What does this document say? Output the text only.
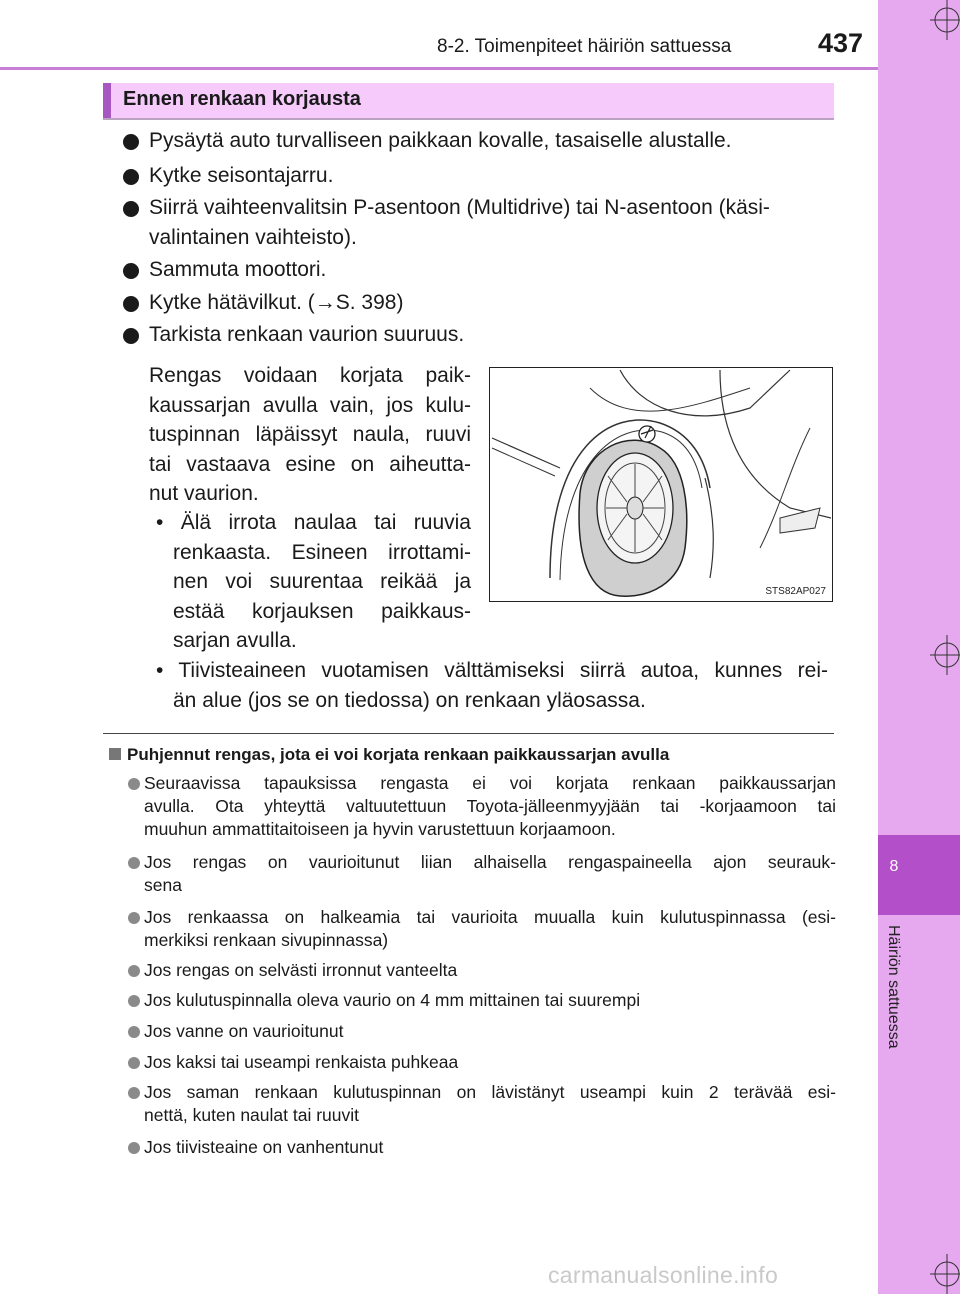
8-2. Toimenpiteet häiriön sattuessa	437
8
Häiriön sattuessa
Ennen renkaan korjausta
Pysäytä auto turvalliseen paikkaan kovalle, tasaiselle alustalle.
Kytke seisontajarru.
Siirrä vaihteenvalitsin P-asentoon (Multidrive) tai N-asentoon (käsi-
valintainen vaihteisto).
Sammuta moottori.
Kytke hätävilkut. (→S. 398)
Tarkista renkaan vaurion suuruus.
Rengas voidaan korjata paik-
kaussarjan avulla vain, jos kulu-
tuspinnan läpäissyt naula, ruuvi
tai vastaava esine on aiheutta-
nut vaurion.
• Älä irrota naulaa tai ruuvia
renkaasta. Esineen irrottami-
nen voi suurentaa reikää ja
estää korjauksen paikkaus-
sarjan avulla.
• Tiivisteaineen vuotamisen välttämiseksi siirrä autoa, kunnes rei-
än alue (jos se on tiedossa) on renkaan yläosassa.
STS82AP027
Puhjennut rengas, jota ei voi korjata renkaan paikkaussarjan avulla
Seuraavissa tapauksissa rengasta ei voi korjata renkaan paikkaussarjan
avulla. Ota yhteyttä valtuutettuun Toyota-jälleenmyyjään tai -korjaamoon tai
muuhun ammattitaitoiseen ja hyvin varustettuun korjaamoon.
Jos rengas on vaurioitunut liian alhaisella rengaspaineella ajon seurauk-
sena
Jos renkaassa on halkeamia tai vaurioita muualla kuin kulutuspinnassa (esi-
merkiksi renkaan sivupinnassa)
Jos rengas on selvästi irronnut vanteelta
Jos kulutuspinnalla oleva vaurio on 4 mm mittainen tai suurempi
Jos vanne on vaurioitunut
Jos kaksi tai useampi renkaista puhkeaa
Jos saman renkaan kulutuspinnan on lävistänyt useampi kuin 2 terävää esi-
nettä, kuten naulat tai ruuvit
Jos tiivisteaine on vanhentunut
carmanualsonline.info
